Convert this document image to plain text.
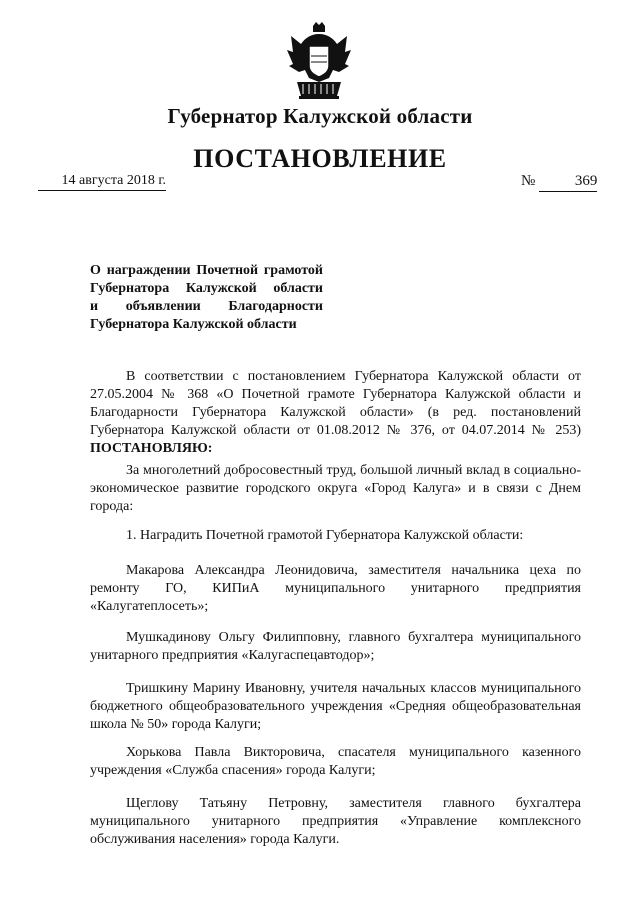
Губернатор Калужской области
ПОСТАНОВЛЕНИЕ
14 августа 2018 г.	№	369
О награждении Почетной грамотой
Губернатора Калужской области
и объявлении Благодарности
Губернатора Калужской области

В соответствии с постановлением Губернатора Калужской области от 27.05.2004 № 368 «О Почетной грамоте Губернатора Калужской области и Благодарности Губернатора Калужской области» (в ред. постановлений Губернатора Калужской области от 01.08.2012 № 376, от 04.07.2014 № 253) ПОСТАНОВЛЯЮ:

За многолетний добросовестный труд, большой личный вклад в социально-экономическое развитие городского округа «Город Калуга» и в связи с Днем города:

1. Наградить Почетной грамотой Губернатора Калужской области:

Макарова Александра Леонидовича, заместителя начальника цеха по ремонту ГО, КИПиА муниципального унитарного предприятия «Калугатеплосеть»;

Мушкадинову Ольгу Филипповну, главного бухгалтера муниципального унитарного предприятия «Калугаспецавтодор»;

Тришкину Марину Ивановну, учителя начальных классов муниципального бюджетного общеобразовательного учреждения «Средняя общеобразовательная школа № 50» города Калуги;

Хорькова Павла Викторовича, спасателя муниципального казенного учреждения «Служба спасения» города Калуги;

Щеглову Татьяну Петровну, заместителя главного бухгалтера муниципального унитарного предприятия «Управление комплексного обслуживания населения» города Калуги.
